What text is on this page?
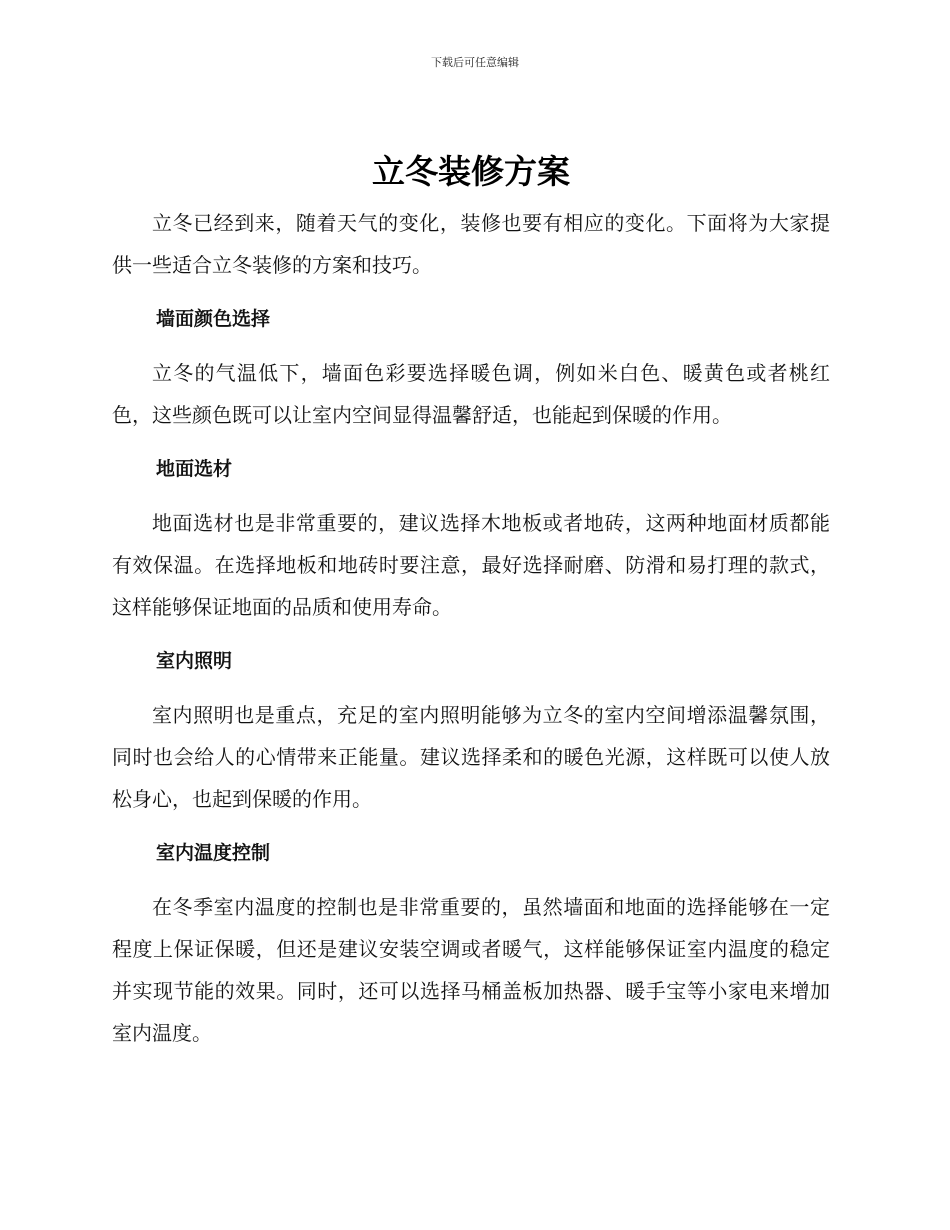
下载后可任意编辑
立冬装修方案

立冬已经到来，随着天气的变化，装修也要有相应的变化。下面将为大家提供一些适合立冬装修的方案和技巧。

墙面颜色选择

立冬的气温低下，墙面色彩要选择暖色调，例如米白色、暖黄色或者桃红色，这些颜色既可以让室内空间显得温馨舒适，也能起到保暖的作用。

地面选材

地面选材也是非常重要的，建议选择木地板或者地砖，这两种地面材质都能有效保温。在选择地板和地砖时要注意，最好选择耐磨、防滑和易打理的款式，这样能够保证地面的品质和使用寿命。

室内照明

室内照明也是重点，充足的室内照明能够为立冬的室内空间增添温馨氛围，同时也会给人的心情带来正能量。建议选择柔和的暖色光源，这样既可以使人放松身心，也起到保暖的作用。

室内温度控制

在冬季室内温度的控制也是非常重要的，虽然墙面和地面的选择能够在一定程度上保证保暖，但还是建议安装空调或者暖气，这样能够保证室内温度的稳定并实现节能的效果。同时，还可以选择马桶盖板加热器、暖手宝等小家电来增加室内温度。
